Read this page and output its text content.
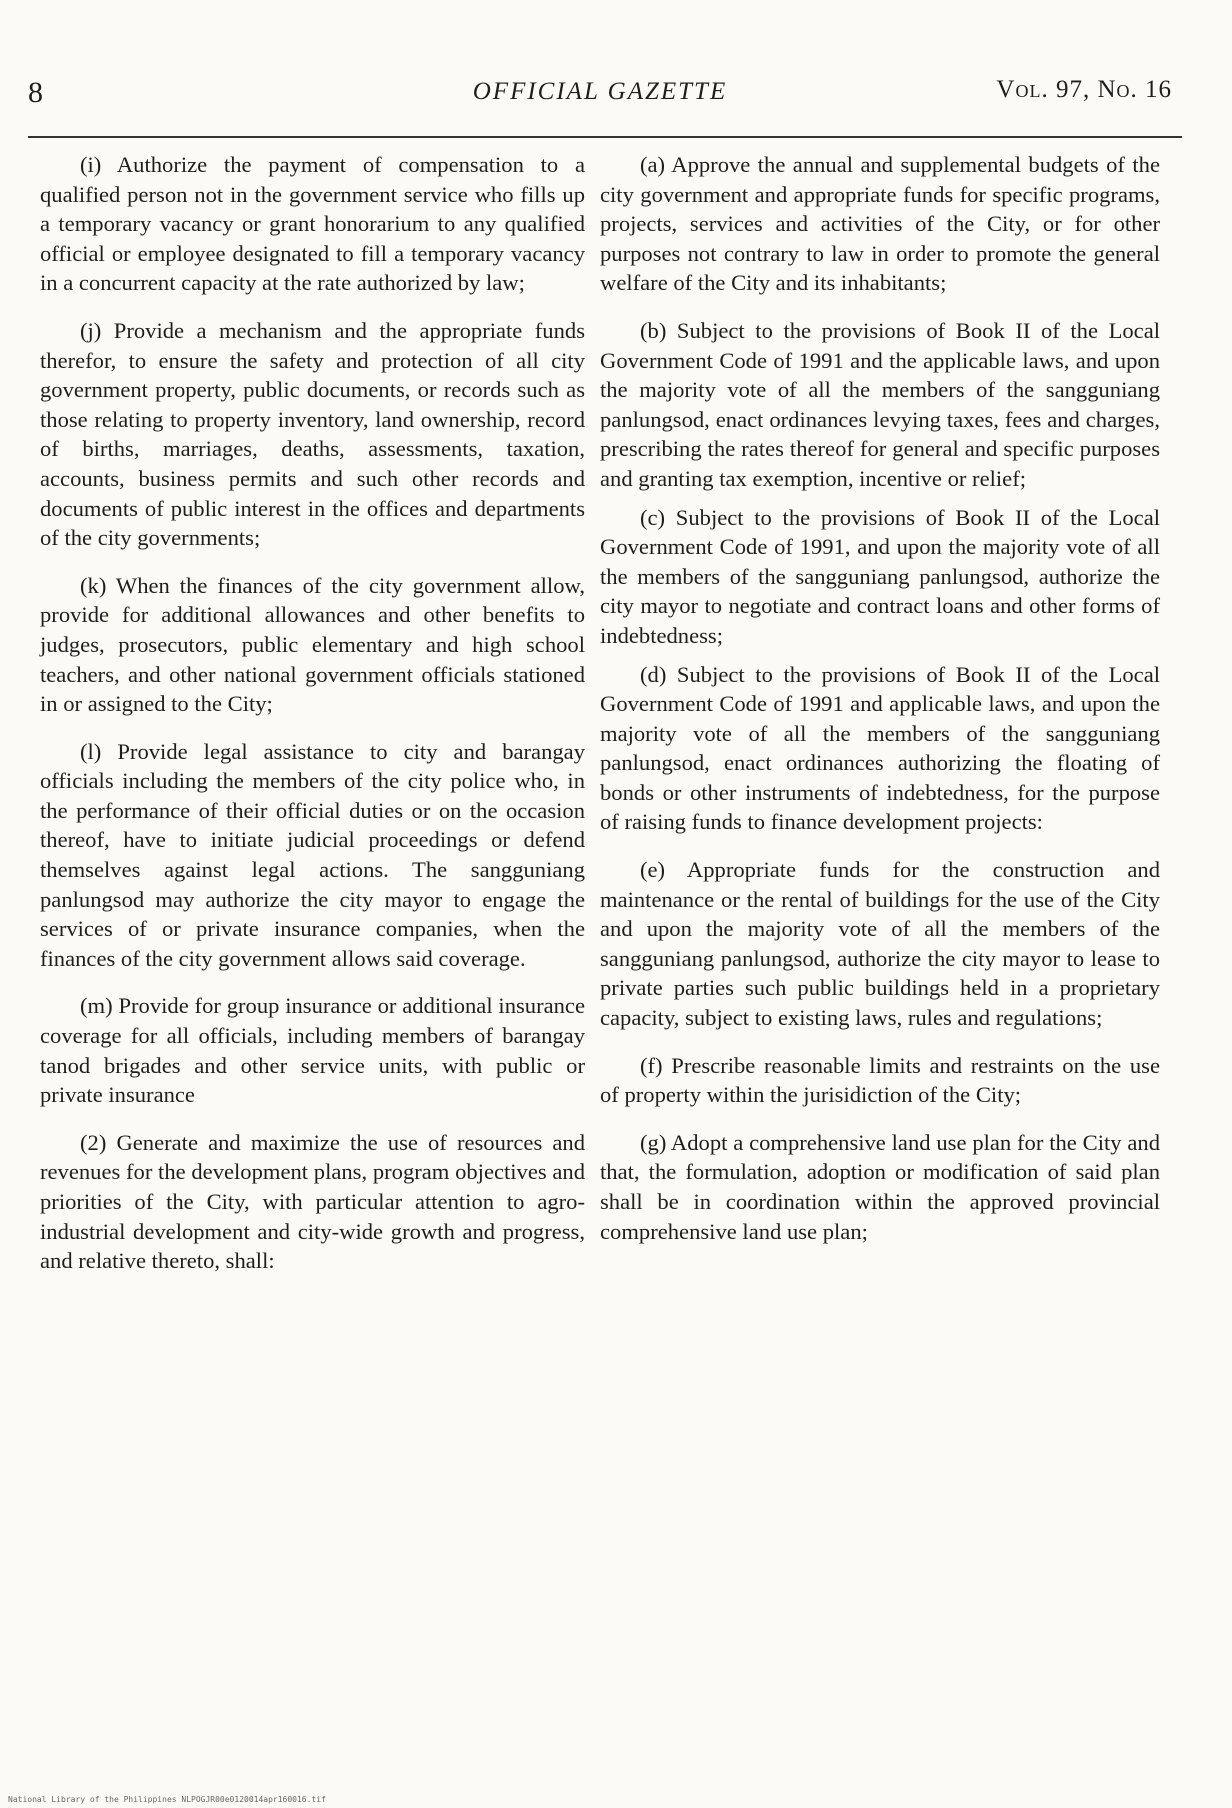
8	OFFICIAL GAZETTE	Vol. 97, No. 16

(i) Authorize the payment of compensation to a qualified person not in the government service who fills up a temporary vacancy or grant honorarium to any qualified official or employee designated to fill a temporary vacancy in a concurrent capacity at the rate authorized by law;

(j) Provide a mechanism and the appropriate funds therefor, to ensure the safety and protection of all city government property, public documents, or records such as those relating to property inventory, land ownership, record of births, marriages, deaths, assessments, taxation, accounts, business permits and such other records and documents of public interest in the offices and departments of the city governments;

(k) When the finances of the city government allow, provide for additional allowances and other benefits to judges, prosecutors, public elementary and high school teachers, and other national government officials stationed in or assigned to the City;

(l) Provide legal assistance to city and barangay officials including the members of the city police who, in the performance of their official duties or on the occasion thereof, have to initiate judicial proceedings or defend themselves against legal actions. The sangguniang panlungsod may authorize the city mayor to engage the services of or private insurance companies, when the finances of the city government allows said coverage.

(m) Provide for group insurance or additional insurance coverage for all officials, including members of barangay tanod brigades and other service units, with public or private insurance

(2) Generate and maximize the use of resources and revenues for the development plans, program objectives and priorities of the City, with particular attention to agro-industrial development and city-wide growth and progress, and relative thereto, shall:

(a) Approve the annual and supplemental budgets of the city government and appropriate funds for specific programs, projects, services and activities of the City, or for other purposes not contrary to law in order to promote the general welfare of the City and its inhabitants;

(b) Subject to the provisions of Book II of the Local Government Code of 1991 and the applicable laws, and upon the majority vote of all the members of the sangguniang panlungsod, enact ordinances levying taxes, fees and charges, prescribing the rates thereof for general and specific purposes and granting tax exemption, incentive or relief;

(c) Subject to the provisions of Book II of the Local Government Code of 1991, and upon the majority vote of all the members of the sangguniang panlungsod, authorize the city mayor to negotiate and contract loans and other forms of indebtedness;

(d) Subject to the provisions of Book II of the Local Government Code of 1991 and applicable laws, and upon the majority vote of all the members of the sangguniang panlungsod, enact ordinances authorizing the floating of bonds or other instruments of indebtedness, for the purpose of raising funds to finance development projects:

(e) Appropriate funds for the construction and maintenance or the rental of buildings for the use of the City and upon the majority vote of all the members of the sangguniang panlungsod, authorize the city mayor to lease to private parties such public buildings held in a proprietary capacity, subject to existing laws, rules and regulations;

(f) Prescribe reasonable limits and restraints on the use of property within the jurisidiction of the City;

(g) Adopt a comprehensive land use plan for the City and that, the formulation, adoption or modification of said plan shall be in coordination within the approved provincial comprehensive land use plan;

National Library of the Philippines NLPOGJR00e0120014apr160016.tif
